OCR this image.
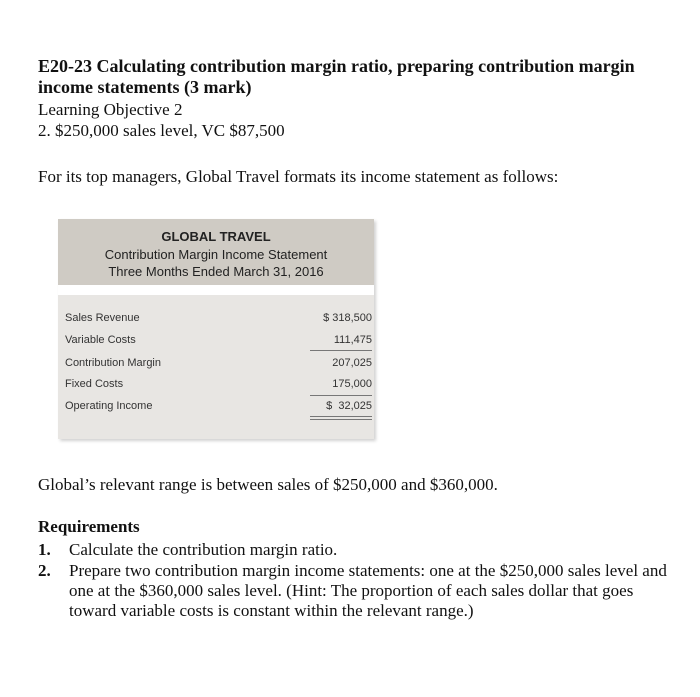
E20-23 Calculating contribution margin ratio, preparing contribution margin income statements (3 mark)
Learning Objective 2
2. $250,000 sales level, VC $87,500
For its top managers, Global Travel formats its income statement as follows:
GLOBAL TRAVEL
Contribution Margin Income Statement
Three Months Ended March 31, 2016
Sales Revenue
Variable Costs
Contribution Margin
Fixed Costs
Operating Income
$ 318,500
111,475
207,025
175,000
$  32,025
Global’s relevant range is between sales of $250,000 and $360,000.
Requirements
1. Calculate the contribution margin ratio.
2. Prepare two contribution margin income statements: one at the $250,000 sales level and one at the $360,000 sales level. (Hint: The proportion of each sales dollar that goes toward variable costs is constant within the relevant range.)
